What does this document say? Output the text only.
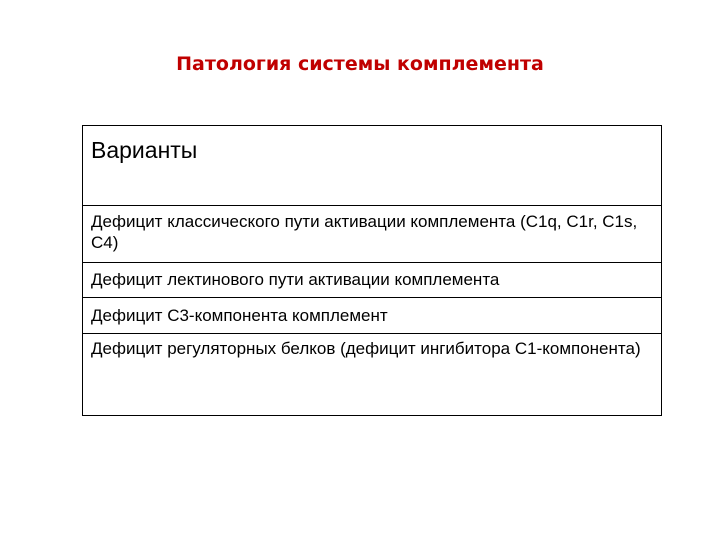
Патология системы комплемента
Варианты
Дефицит классического пути активации комплемента (С1q, С1r, С1s, С4)
Дефицит лектинового пути активации комплемента
Дефицит С3-компонента комплемент
Дефицит регуляторных белков (дефицит ингибитора С1-компонента)
